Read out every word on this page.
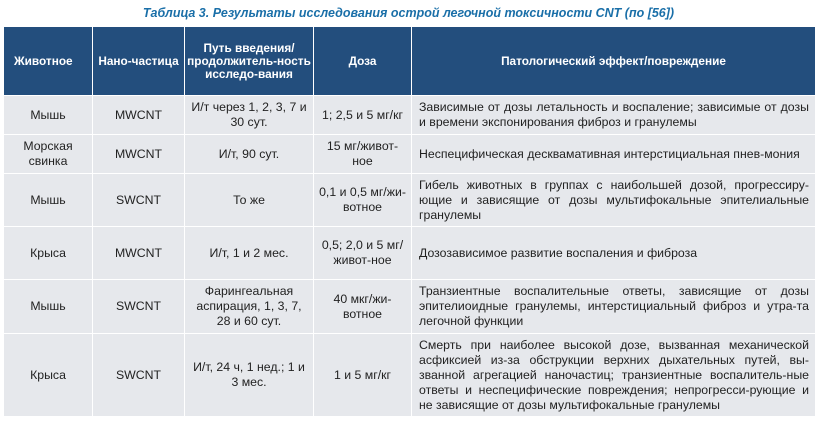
Таблица 3. Результаты исследования острой легочной токсичности CNT (по [56])
Животное	Нано-частица	Путь введения/продолжитель-ность исследо-вания	Доза	Патологический эффект/повреждение
Мышь	MWCNT	И/т через 1, 2, 3, 7 и 30 сут.	1; 2,5 и 5 мг/кг	Зависимые от дозы летальность и воспаление; зависимые от дозы и времени экспонирования фиброз и гранулемы
Морская свинка	MWCNT	И/т, 90 сут.	15 мг/живот-ное	Неспецифическая десквамативная интерстициальная пнев-мония
Мышь	SWCNT	То же	0,1 и 0,5 мг/жи-вотное	Гибель животных в группах с наибольшей дозой, прогрессиру-ющие и зависящие от дозы мультифокальные эпителиальные гранулемы
Крыса	MWCNT	И/т, 1 и 2 мес.	0,5; 2,0 и 5 мг/живот-ное	Дозозависимое развитие воспаления и фиброза
Мышь	SWCNT	Фарингеальная аспирация, 1, 3, 7, 28 и 60 сут.	40 мкг/жи-вотное	Транзиентные воспалительные ответы, зависящие от дозы эпителиоидные гранулемы, интерстициальный фиброз и утра-та легочной функции
Крыса	SWCNT	И/т, 24 ч, 1 нед.; 1 и 3 мес.	1 и 5 мг/кг	Смерть при наиболее высокой дозе, вызванная механической асфиксией из-за обструкции верхних дыхательных путей, вы-званной агрегацией наночастиц; транзиентные воспалитель-ные ответы и неспецифические повреждения; непрогресси-рующие и не зависящие от дозы мультифокальные гранулемы
